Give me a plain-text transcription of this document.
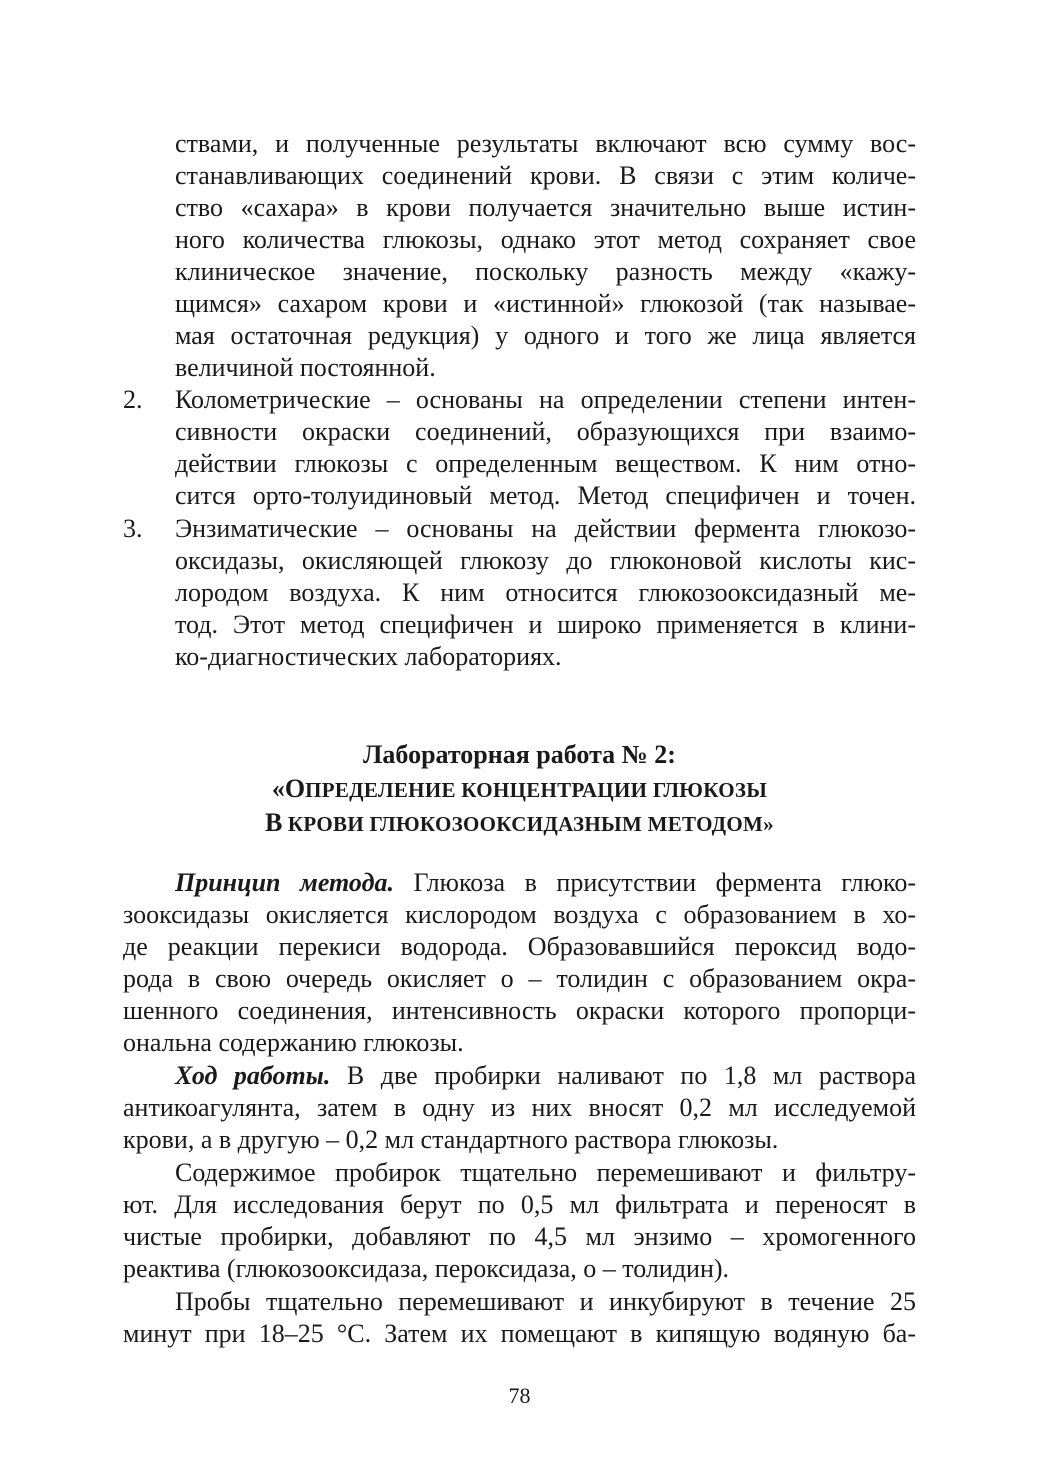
ствами, и полученные результаты включают всю сумму вос-
станавливающих соединений крови. В связи с этим количе-
ство «сахара» в крови получается значительно выше истин-
ного количества глюкозы, однако этот метод сохраняет свое
клиническое значение, поскольку разность между «кажу-
щимся» сахаром крови и «истинной» глюкозой (так называе-
мая остаточная редукция) у одного и того же лица является
величиной постоянной.
2. Колометрические – основаны на определении степени интен-
сивности окраски соединений, образующихся при взаимо-
действии глюкозы с определенным веществом. К ним отно-
сится орто-толуидиновый метод. Метод специфичен и точен.
3. Энзиматические – основаны на действии фермента глюкозо-
оксидазы, окисляющей глюкозу до глюконовой кислоты кис-
лородом воздуха. К ним относится глюкозооксидазный ме-
тод. Этот метод специфичен и широко применяется в клини-
ко-диагностических лабораториях.
Лабораторная работа № 2:
«ОПРЕДЕЛЕНИЕ КОНЦЕНТРАЦИИ ГЛЮКОЗЫ
В КРОВИ ГЛЮКОЗООКСИДАЗНЫМ МЕТОДОМ»
Принцип метода. Глюкоза в присутствии фермента глюко-
зооксидазы окисляется кислородом воздуха с образованием в хо-
де реакции перекиси водорода. Образовавшийся пероксид водо-
рода в свою очередь окисляет о – толидин с образованием окра-
шенного соединения, интенсивность окраски которого пропорци-
ональна содержанию глюкозы.
Ход работы. В две пробирки наливают по 1,8 мл раствора
антикоагулянта, затем в одну из них вносят 0,2 мл исследуемой
крови, а в другую – 0,2 мл стандартного раствора глюкозы.
Содержимое пробирок тщательно перемешивают и фильтру-
ют. Для исследования берут по 0,5 мл фильтрата и переносят в
чистые пробирки, добавляют по 4,5 мл энзимо – хромогенного
реактива (глюкозооксидаза, пероксидаза, о – толидин).
Пробы тщательно перемешивают и инкубируют в течение 25
минут при 18–25 °С. Затем их помещают в кипящую водяную ба-
78
